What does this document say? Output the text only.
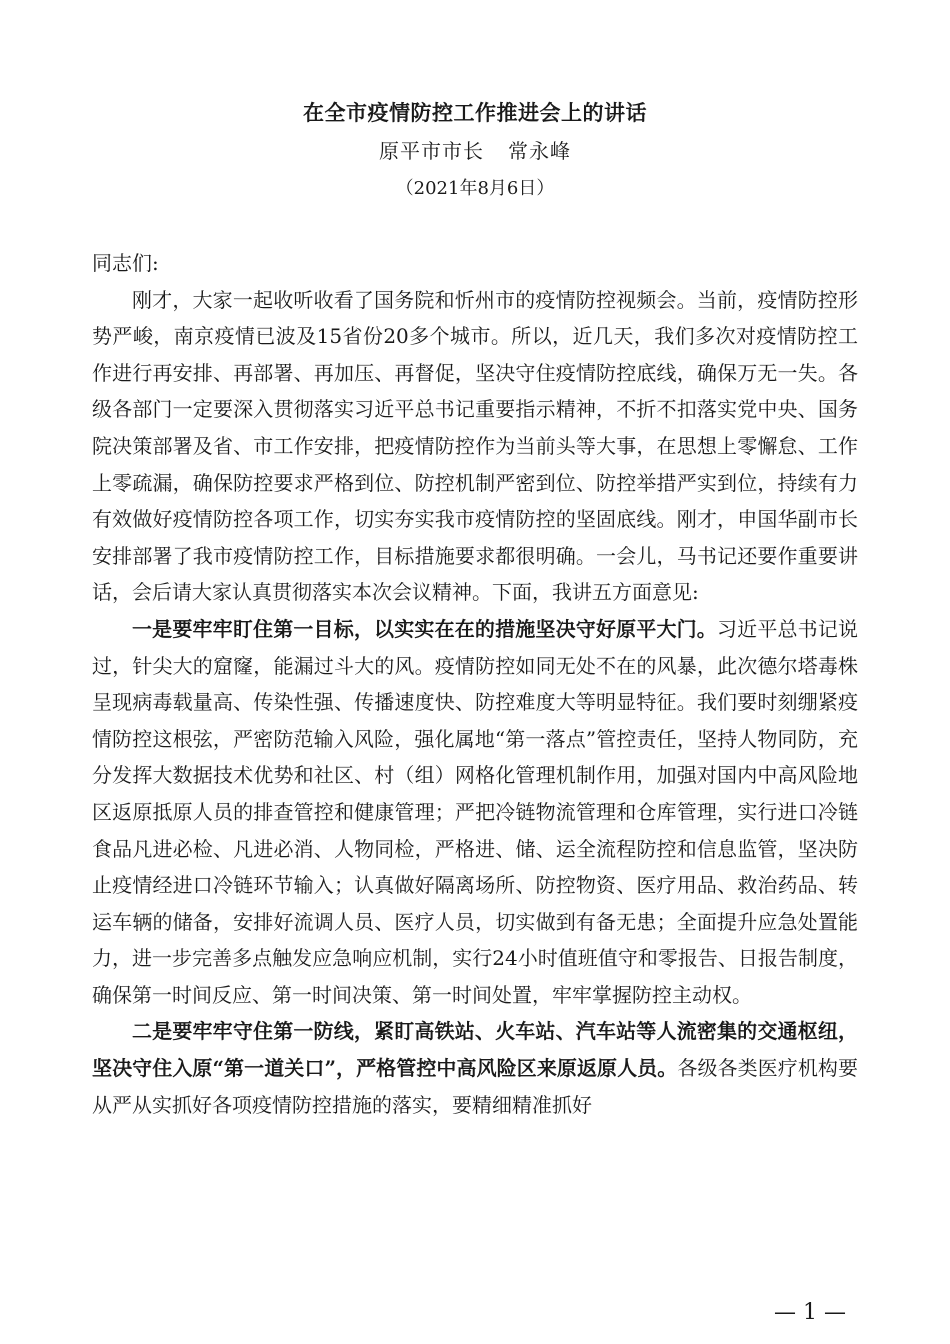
在全市疫情防控工作推进会上的讲话
原平市市长 常永峰
（2021年8月6日）

同志们:

刚才，大家一起收听收看了国务院和忻州市的疫情防控视频会。当前，疫情防控形势严峻，南京疫情已波及15省份20多个城市。所以，近几天，我们多次对疫情防控工作进行再安排、再部署、再加压、再督促，坚决守住疫情防控底线，确保万无一失。各级各部门一定要深入贯彻落实习近平总书记重要指示精神，不折不扣落实党中央、国务院决策部署及省、市工作安排，把疫情防控作为当前头等大事，在思想上零懈怠、工作上零疏漏，确保防控要求严格到位、防控机制严密到位、防控举措严实到位，持续有力有效做好疫情防控各项工作，切实夯实我市疫情防控的坚固底线。刚才，申国华副市长安排部署了我市疫情防控工作，目标措施要求都很明确。一会儿，马书记还要作重要讲话，会后请大家认真贯彻落实本次会议精神。下面，我讲五方面意见:

一是要牢牢盯住第一目标，以实实在在的措施坚决守好原平大门。习近平总书记说过，针尖大的窟窿，能漏过斗大的风。疫情防控如同无处不在的风暴，此次德尔塔毒株呈现病毒载量高、传染性强、传播速度快、防控难度大等明显特征。我们要时刻绷紧疫情防控这根弦，严密防范输入风险，强化属地“第一落点”管控责任，坚持人物同防，充分发挥大数据技术优势和社区、村（组）网格化管理机制作用，加强对国内中高风险地区返原抵原人员的排查管控和健康管理；严把冷链物流管理和仓库管理，实行进口冷链食品凡进必检、凡进必消、人物同检，严格进、储、运全流程防控和信息监管，坚决防止疫情经进口冷链环节输入；认真做好隔离场所、防控物资、医疗用品、救治药品、转运车辆的储备，安排好流调人员、医疗人员，切实做到有备无患；全面提升应急处置能力，进一步完善多点触发应急响应机制，实行24小时值班值守和零报告、日报告制度，确保第一时间反应、第一时间决策、第一时间处置，牢牢掌握防控主动权。

二是要牢牢守住第一防线，紧盯高铁站、火车站、汽车站等人流密集的交通枢纽，坚决守住入原“第一道关口”，严格管控中高风险区来原返原人员。各级各类医疗机构要从严从实抓好各项疫情防控措施的落实，要精细精准抓好

— 1 —
